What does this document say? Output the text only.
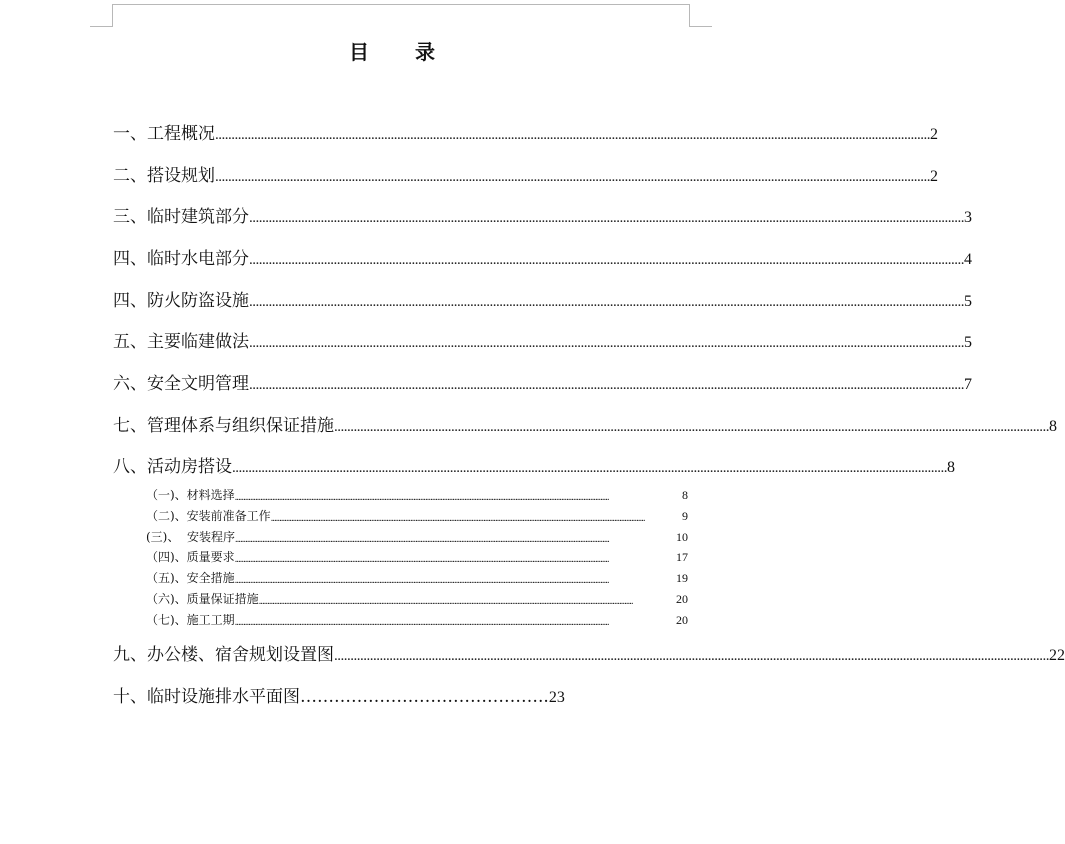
目 录
一、工程概况 ............................................................................................................................................................................................................................ 2
二、搭设规划 ............................................................................................................................................................................................................................ 2
三、临时建筑部分 ............................................................................................................................................................................................................................ 3
四、临时水电部分 ............................................................................................................................................................................................................................ 4
四、防火防盗设施 ............................................................................................................................................................................................................................ 5
五、主要临建做法 ............................................................................................................................................................................................................................ 5
六、安全文明管理 ............................................................................................................................................................................................................................ 7
七、管理体系与组织保证措施 ............................................................................................................................................................................................................................ 8
八、活动房搭设 ............................................................................................................................................................................................................................ 8
（一)、材料选择 ............................................................................................................................................................................................................................	8
（二)、安装前准备工作 ............................................................................................................................................................................................................................	9
(三)、  安装程序 ............................................................................................................................................................................................................................	10
（四)、质量要求 ............................................................................................................................................................................................................................	17
（五)、安全措施 ............................................................................................................................................................................................................................	19
（六)、质量保证措施 ............................................................................................................................................................................................................................	20
（七)、施工工期 ............................................................................................................................................................................................................................	20
九、办公楼、宿舍规划设置图 ............................................................................................................................................................................................................................ 22
十、临时设施排水平面图…………………………………….. 23
